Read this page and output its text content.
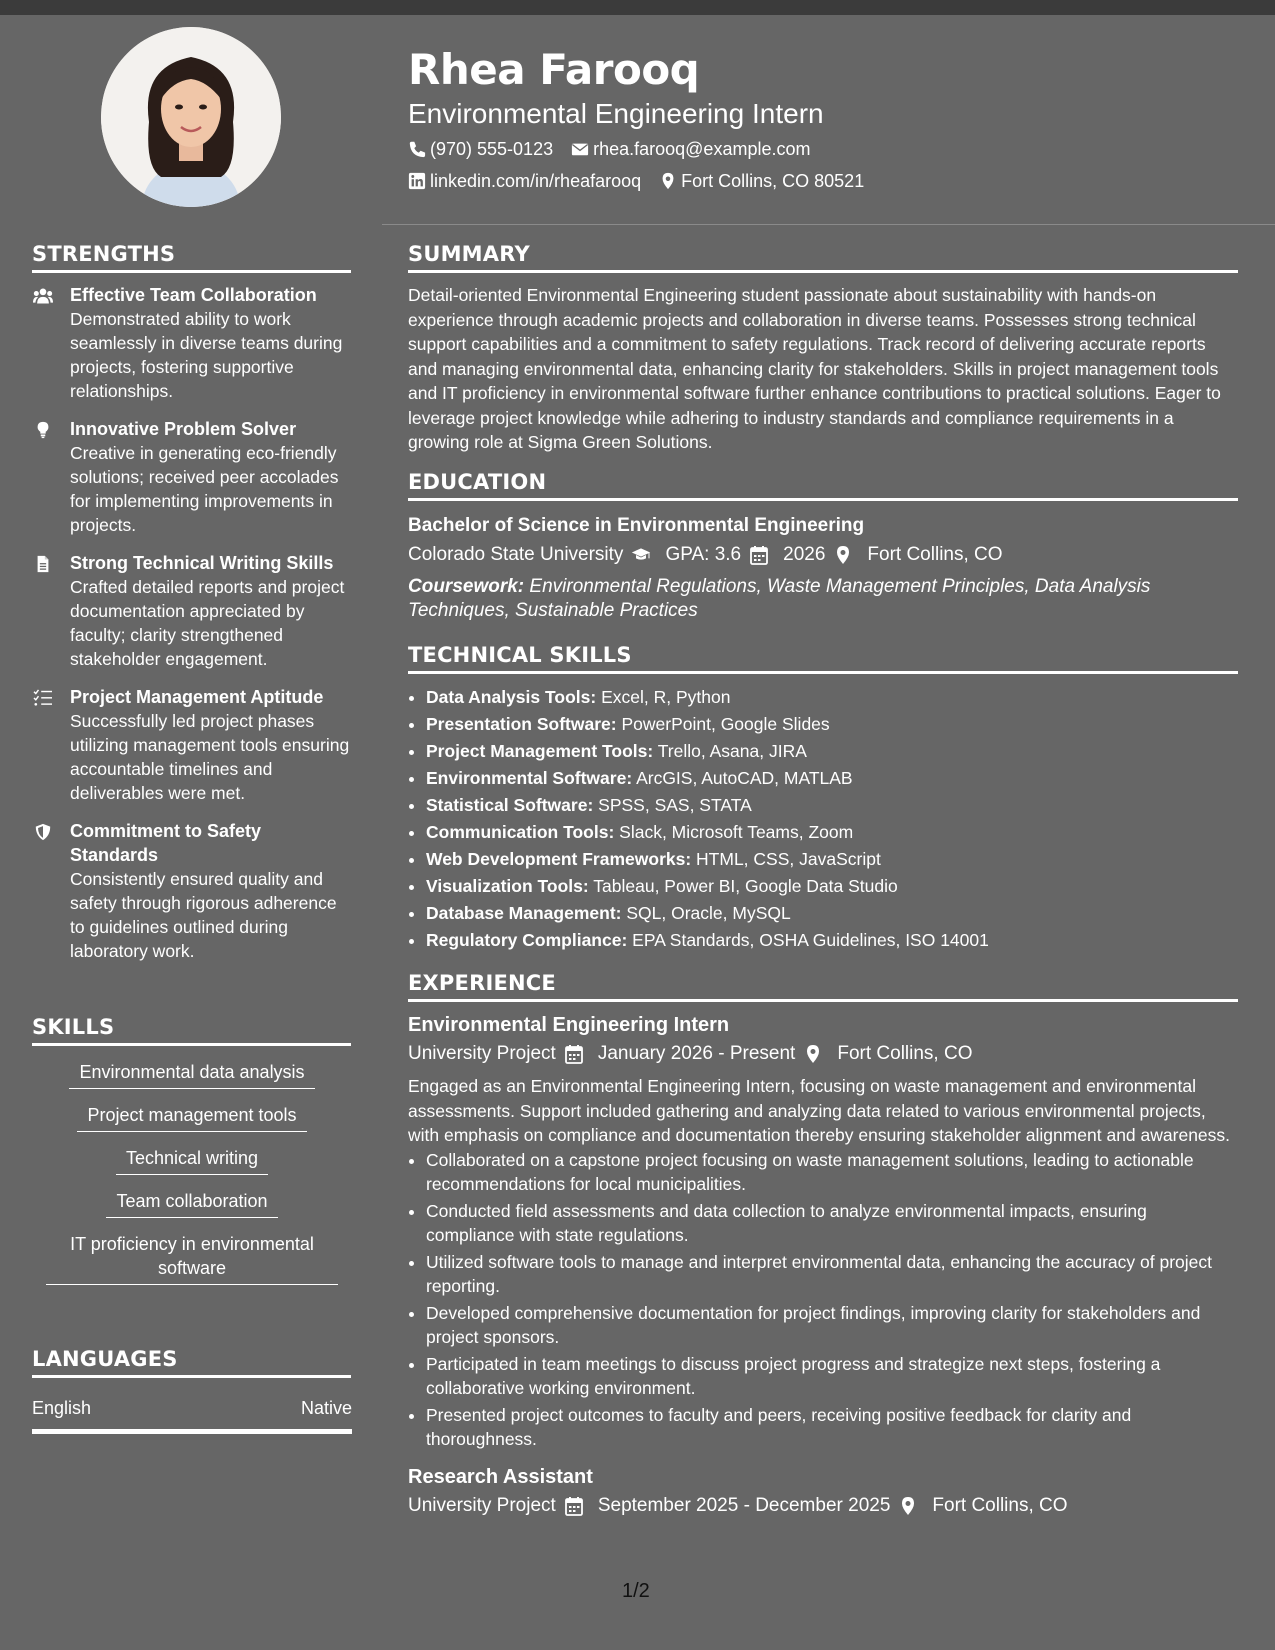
STRENGTHS
Effective Team Collaboration
Demonstrated ability to work seamlessly in diverse teams during projects, fostering supportive relationships.
Innovative Problem Solver
Creative in generating eco-friendly solutions; received peer accolades for implementing improvements in projects.
Strong Technical Writing Skills
Crafted detailed reports and project documentation appreciated by faculty; clarity strengthened stakeholder engagement.
Project Management Aptitude
Successfully led project phases utilizing management tools ensuring accountable timelines and deliverables were met.
Commitment to Safety Standards
Consistently ensured quality and safety through rigorous adherence to guidelines outlined during laboratory work.
SKILLS
Environmental data analysis
Project management tools
Technical writing
Team collaboration
IT proficiency in environmental software
LANGUAGES
English	Native
Rhea Farooq
Environmental Engineering Intern
(970) 555-0123 rhea.farooq@example.com
linkedin.com/in/rheafarooq Fort Collins, CO 80521
SUMMARY

Detail-oriented Environmental Engineering student passionate about sustainability with hands-on experience through academic projects and collaboration in diverse teams. Possesses strong technical support capabilities and a commitment to safety regulations. Track record of delivering accurate reports and managing environmental data, enhancing clarity for stakeholders. Skills in project management tools and IT proficiency in environmental software further enhance contributions to practical solutions. Eager to leverage project knowledge while adhering to industry standards and compliance requirements in a growing role at Sigma Green Solutions.

EDUCATION
Bachelor of Science in Environmental Engineering
Colorado State University GPA: 3.6 2026 Fort Collins, CO
Coursework: Environmental Regulations, Waste Management Principles, Data Analysis Techniques, Sustainable Practices
TECHNICAL SKILLS
• Data Analysis Tools: Excel, R, Python
• Presentation Software: PowerPoint, Google Slides
• Project Management Tools: Trello, Asana, JIRA
• Environmental Software: ArcGIS, AutoCAD, MATLAB
• Statistical Software: SPSS, SAS, STATA
• Communication Tools: Slack, Microsoft Teams, Zoom
• Web Development Frameworks: HTML, CSS, JavaScript
• Visualization Tools: Tableau, Power BI, Google Data Studio
• Database Management: SQL, Oracle, MySQL
• Regulatory Compliance: EPA Standards, OSHA Guidelines, ISO 14001
EXPERIENCE
Environmental Engineering Intern
University Project January 2026 - Present Fort Collins, CO
Engaged as an Environmental Engineering Intern, focusing on waste management and environmental assessments. Support included gathering and analyzing data related to various environmental projects, with emphasis on compliance and documentation thereby ensuring stakeholder alignment and awareness.
• Collaborated on a capstone project focusing on waste management solutions, leading to actionable recommendations for local municipalities.
• Conducted field assessments and data collection to analyze environmental impacts, ensuring compliance with state regulations.
• Utilized software tools to manage and interpret environmental data, enhancing the accuracy of project reporting.
• Developed comprehensive documentation for project findings, improving clarity for stakeholders and project sponsors.
• Participated in team meetings to discuss project progress and strategize next steps, fostering a collaborative working environment.
• Presented project outcomes to faculty and peers, receiving positive feedback for clarity and thoroughness.
Research Assistant
University Project September 2025 - December 2025 Fort Collins, CO
1/2
